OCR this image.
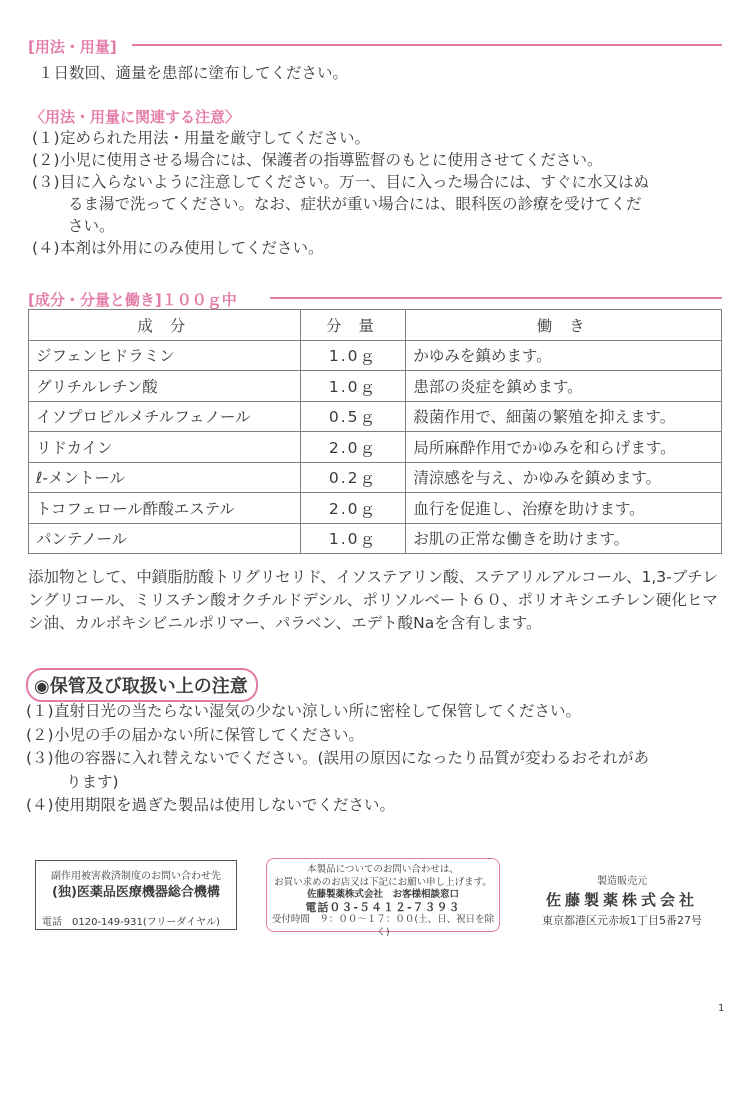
[用法・用量]
１日数回、適量を患部に塗布してください。
〈用法・用量に関連する注意〉
(１)定められた用法・用量を厳守してください。
(２)小児に使用させる場合には、保護者の指導監督のもとに使用させてください。
(３)目に入らないように注意してください。万一、目に入った場合には、すぐに水又はぬ
るま湯で洗ってください。なお、症状が重い場合には、眼科医の診療を受けてくだ
さい。
(４)本剤は外用にのみ使用してください。
[成分・分量と働き]１００ｇ中
成 分	分 量	働 き
ジフェンヒドラミン	1.0ｇ	かゆみを鎮めます。
グリチルレチン酸	1.0ｇ	患部の炎症を鎮めます。
イソプロピルメチルフェノール	0.5ｇ	殺菌作用で、細菌の繁殖を抑えます。
リドカイン	2.0ｇ	局所麻酔作用でかゆみを和らげます。
ℓ-メントール	0.2ｇ	清涼感を与え、かゆみを鎮めます。
トコフェロール酢酸エステル	2.0ｇ	血行を促進し、治療を助けます。
パンテノール	1.0ｇ	お肌の正常な働きを助けます。
添加物として、中鎖脂肪酸トリグリセリド、イソステアリン酸、ステアリルアルコール、1,3-ブチレングリコール、ミリスチン酸オクチルドデシル、ポリソルベート６０、ポリオキシエチレン硬化ヒマシ油、カルボキシビニルポリマー、パラベン、エデト酸Naを含有します。
◉保管及び取扱い上の注意
(１)直射日光の当たらない湿気の少ない涼しい所に密栓して保管してください。
(２)小児の手の届かない所に保管してください。
(３)他の容器に入れ替えないでください。(誤用の原因になったり品質が変わるおそれがあ
ります)
(４)使用期限を過ぎた製品は使用しないでください。
副作用被害救済制度のお問い合わせ先
(独)医薬品医療機器総合機構
電話　0120-149-931(フリーダイヤル)
本製品についてのお問い合わせは、
お買い求めのお店又は下記にお願い申し上げます。
佐藤製薬株式会社　お客様相談窓口
電話０３-５４１２-７３９３
受付時間　９：００～１７：００(土、日、祝日を除く)
製造販売元
佐藤製薬株式会社
東京都港区元赤坂1丁目5番27号
1
